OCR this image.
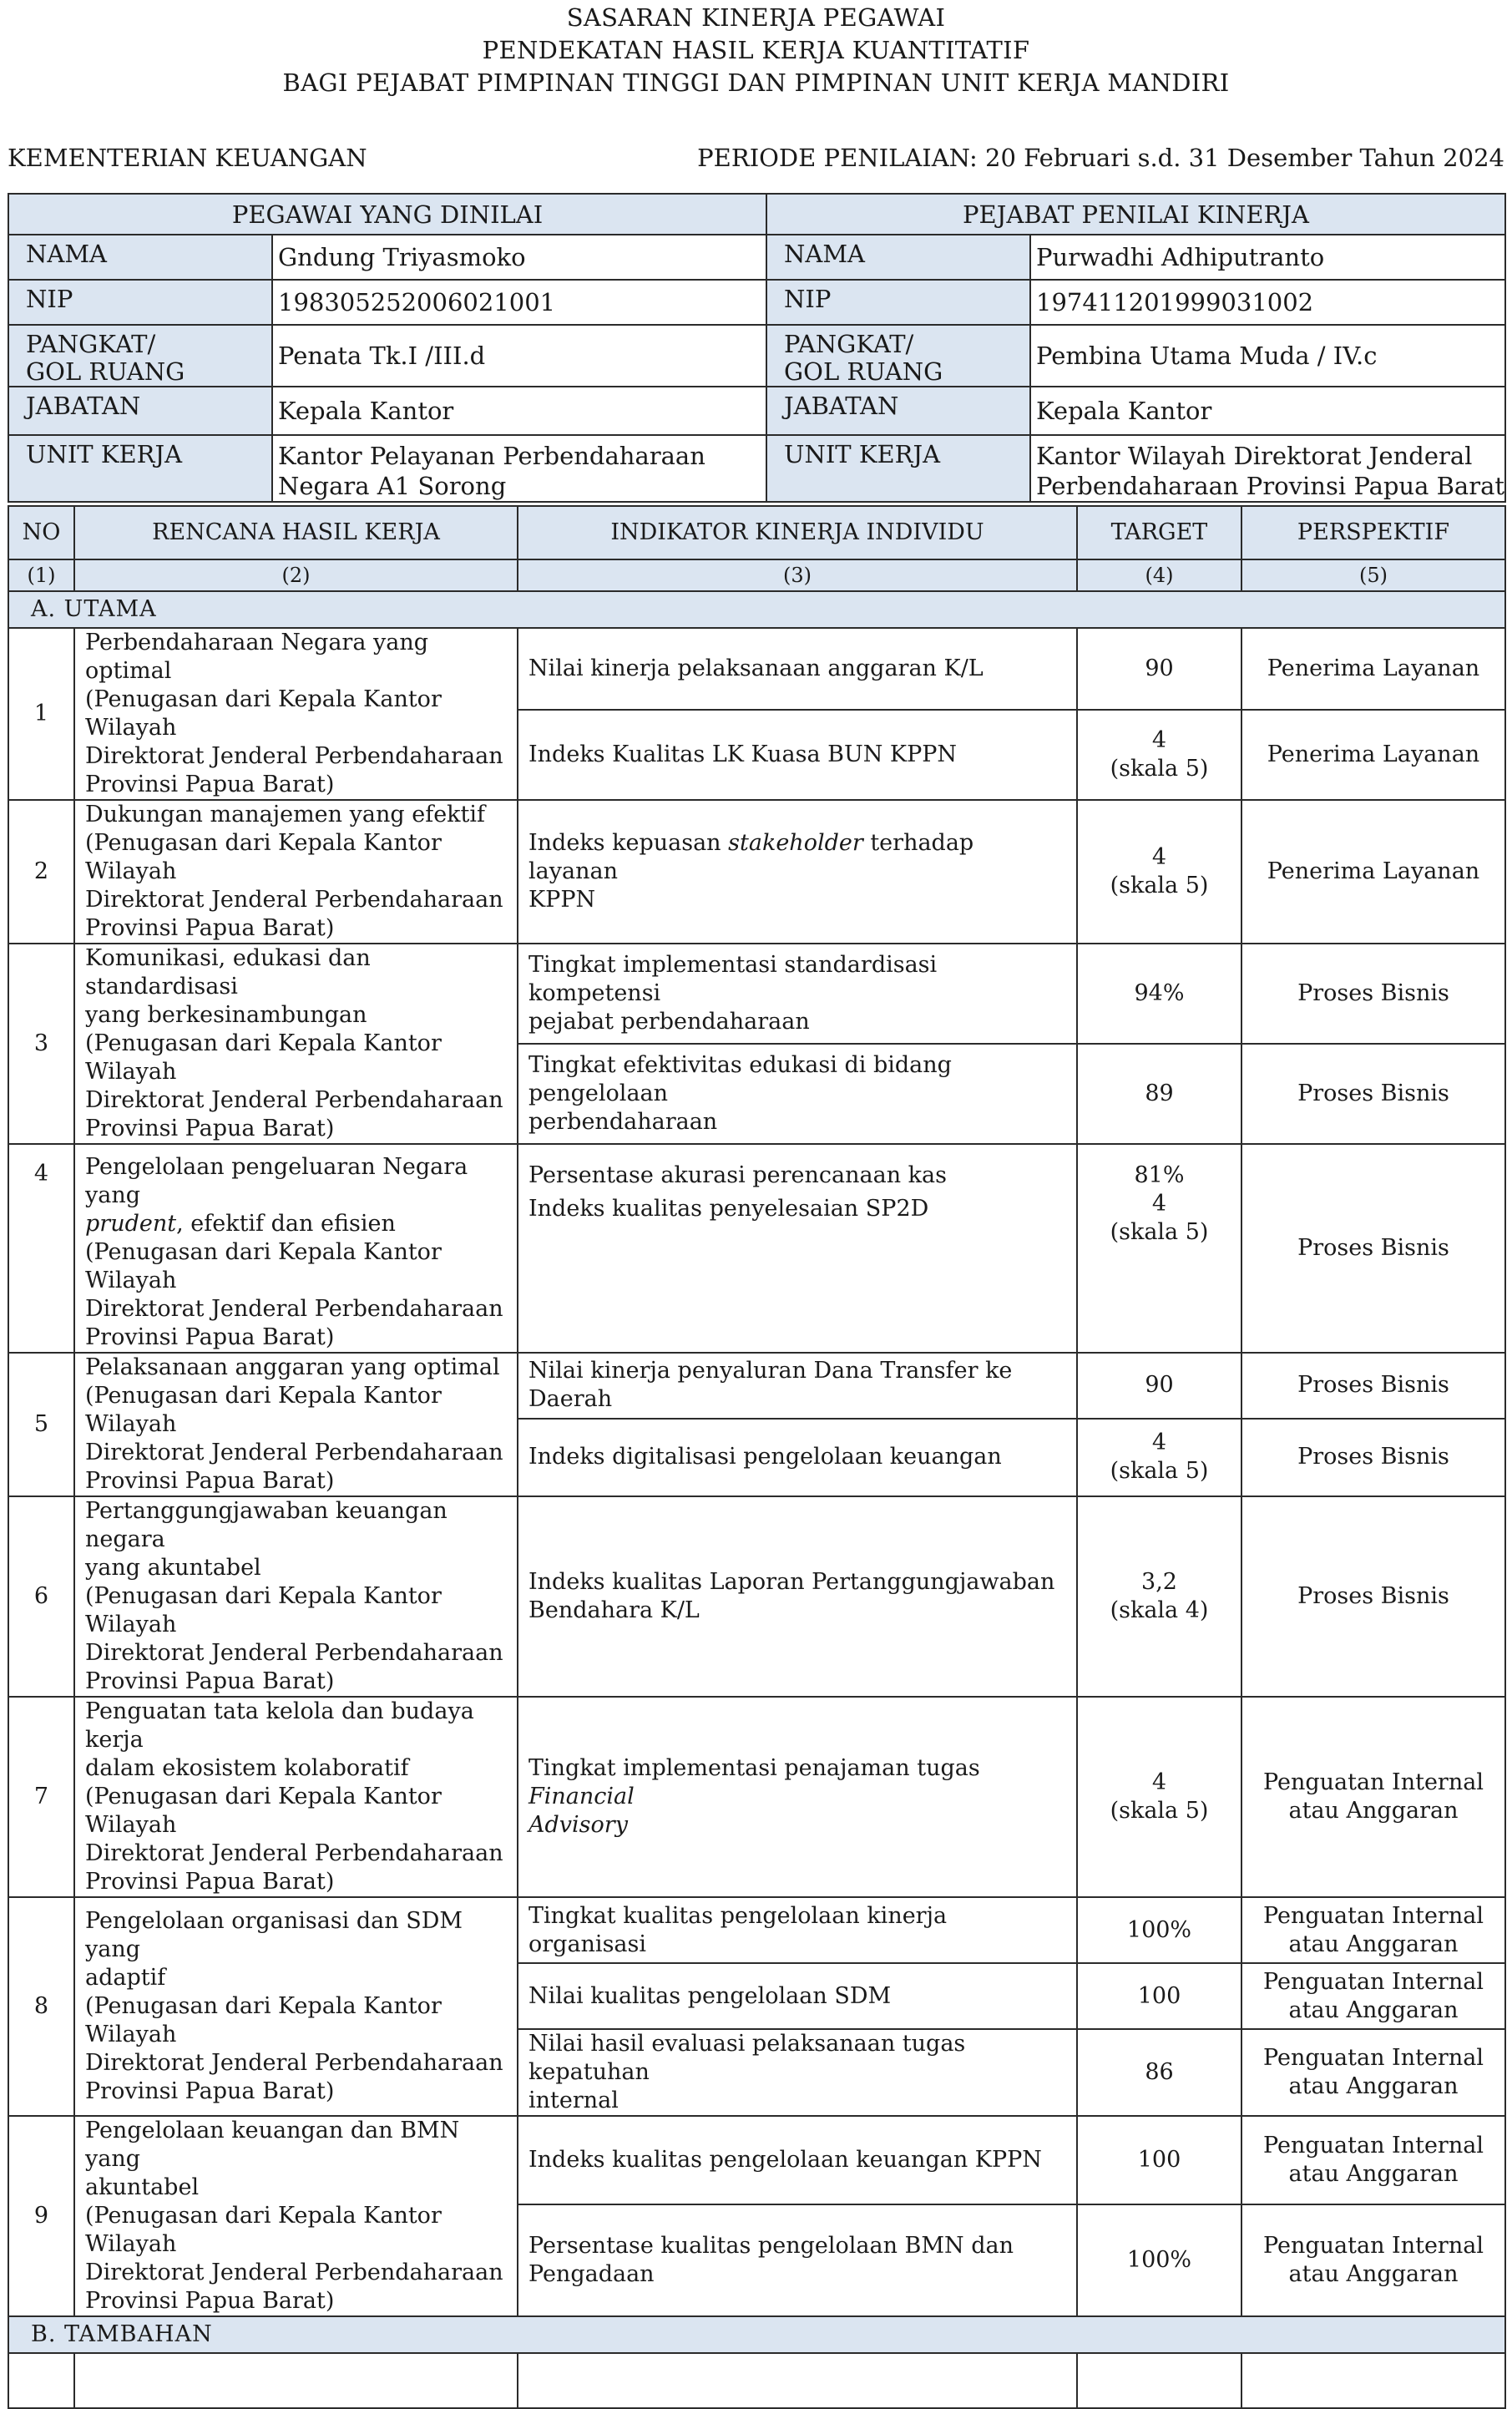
SASARAN KINERJA PEGAWAI
PENDEKATAN HASIL KERJA KUANTITATIF
BAGI PEJABAT PIMPINAN TINGGI DAN PIMPINAN UNIT KERJA MANDIRI
KEMENTERIAN KEUANGAN	PERIODE PENILAIAN: 20 Februari s.d. 31 Desember Tahun 2024
PEGAWAI YANG DINILAI		PEJABAT PENILAI KINERJA	
NAMA	Gndung Triyasmoko	NAMA	Purwadhi Adhiputranto
NIP	198305252006021001	NIP	197411201999031002

PANGKAT/
GOL RUANG	Penata Tk.I /III.d	PANGKAT/
GOL RUANG	Pembina Utama Muda / IV.c
JABATAN	Kepala Kantor	JABATAN	Kepala Kantor
UNIT KERJA	Kantor Pelayanan Perbendaharaan
Negara A1 Sorong	UNIT KERJA	Kantor Wilayah Direktorat Jenderal
Perbendaharaan Provinsi Papua Barat
NO	RENCANA HASIL KERJA	INDIKATOR KINERJA INDIVIDU	TARGET	PERSPEKTIF
(1)	(2)	(3)	(4)	(5)
A. UTAMA				
1	Perbendaharaan Negara yang optimal
(Penugasan dari Kepala Kantor Wilayah
Direktorat Jenderal Perbendaharaan
Provinsi Papua Barat)	Nilai kinerja pelaksanaan anggaran K/L	90	Penerima Layanan
		Indeks Kualitas LK Kuasa BUN KPPN	4
(skala 5)	Penerima Layanan
2	Dukungan manajemen yang efektif
(Penugasan dari Kepala Kantor Wilayah
Direktorat Jenderal Perbendaharaan
Provinsi Papua Barat)	Indeks kepuasan stakeholder terhadap layanan
KPPN	4
(skala 5)	Penerima Layanan
3	Komunikasi, edukasi dan standardisasi
yang berkesinambungan
(Penugasan dari Kepala Kantor Wilayah
Direktorat Jenderal Perbendaharaan
Provinsi Papua Barat)	Tingkat implementasi standardisasi kompetensi
pejabat perbendaharaan	94%	Proses Bisnis

		Tingkat efektivitas edukasi di bidang pengelolaan
perbendaharaan	89	Proses Bisnis
4	Pengelolaan pengeluaran Negara yang
prudent, efektif dan efisien
(Penugasan dari Kepala Kantor Wilayah
Direktorat Jenderal Perbendaharaan
Provinsi Papua Barat)	Persentase akurasi perencanaan kas
Indeks kualitas penyelesaian SP2D	81%
4
(skala 5)	Proses Bisnis
5	Pelaksanaan anggaran yang optimal
(Penugasan dari Kepala Kantor Wilayah
Direktorat Jenderal Perbendaharaan
Provinsi Papua Barat)	Nilai kinerja penyaluran Dana Transfer ke Daerah	90	Proses Bisnis
		Indeks digitalisasi pengelolaan keuangan	4
(skala 5)	Proses Bisnis
6	Pertanggungjawaban keuangan negara
yang akuntabel
(Penugasan dari Kepala Kantor Wilayah
Direktorat Jenderal Perbendaharaan
Provinsi Papua Barat)	Indeks kualitas Laporan Pertanggungjawaban
Bendahara K/L	3,2
(skala 4)	Proses Bisnis
7	Penguatan tata kelola dan budaya kerja
dalam ekosistem kolaboratif
(Penugasan dari Kepala Kantor Wilayah
Direktorat Jenderal Perbendaharaan
Provinsi Papua Barat)	Tingkat implementasi penajaman tugas Financial
Advisory	4
(skala 5)	Penguatan Internal
atau Anggaran

8	Pengelolaan organisasi dan SDM yang
adaptif
(Penugasan dari Kepala Kantor Wilayah
Direktorat Jenderal Perbendaharaan
Provinsi Papua Barat)	Tingkat kualitas pengelolaan kinerja organisasi	100%	Penguatan Internal
atau Anggaran

		Nilai kualitas pengelolaan SDM	100	Penguatan Internal
atau Anggaran

		Nilai hasil evaluasi pelaksanaan tugas kepatuhan
internal	86	Penguatan Internal
atau Anggaran

9	Pengelolaan keuangan dan BMN yang
akuntabel
(Penugasan dari Kepala Kantor Wilayah
Direktorat Jenderal Perbendaharaan
Provinsi Papua Barat)	Indeks kualitas pengelolaan keuangan KPPN	100	Penguatan Internal
atau Anggaran

		Persentase kualitas pengelolaan BMN dan
Pengadaan	100%	Penguatan Internal
atau Anggaran

B. TAMBAHAN				
